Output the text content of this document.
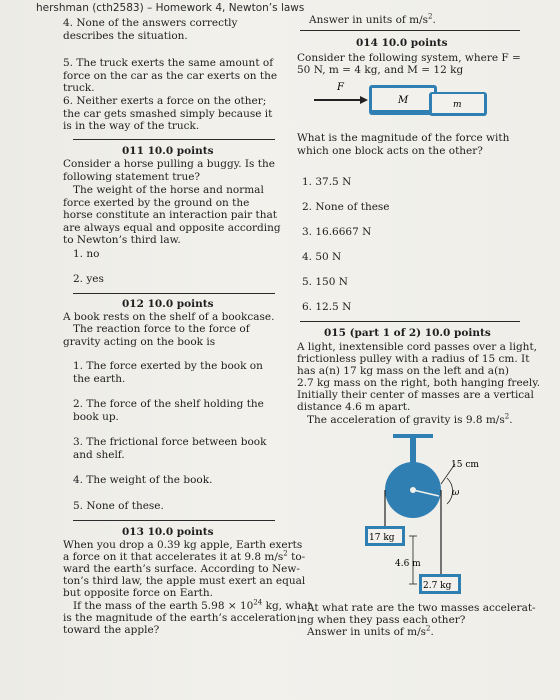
hershman (cth2583) – Homework 4, Newton’s laws
4. None of the answers correctly describes the situation.
5. The truck exerts the same amount of force on the car as the car exerts on the truck.
6. Neither exerts a force on the other; the car gets smashed simply because it is in the way of the truck.
011 10.0 points
Consider a horse pulling a buggy. Is the following statement true?
The weight of the horse and normal force exerted by the ground on the horse constitute an interaction pair that are always equal and opposite according to Newton’s third law.
1. no
2. yes
012 10.0 points
A book rests on the shelf of a bookcase.
The reaction force to the force of gravity acting on the book is
1. The force exerted by the book on the earth.
2. The force of the shelf holding the book up.
3. The frictional force between book and shelf.
4. The weight of the book.
5. None of these.
013 10.0 points
When you drop a 0.39 kg apple, Earth exerts
a force on it that accelerates it at 9.8 $m/s^2$ to-
ward the earth’s surface. According to New-
ton’s third law, the apple must exert an equal
but opposite force on Earth.
If the mass of the earth $5.98 \times 10^{24}$ kg, what
is the magnitude of the earth’s acceleration
toward the apple?
Answer in units of $m/s^2$.
014 10.0 points
Consider the following system, where F =
50 N, m = 4 kg, and M = 12 kg
F
M	m
What is the magnitude of the force with which one block acts on the other?
1. 37.5 N
2. None of these
3. 16.6667 N
4. 50 N
5. 150 N
6. 12.5 N
015 (part 1 of 2) 10.0 points
A light, inextensible cord passes over a light,
frictionless pulley with a radius of 15 cm. It
has a(n) 17 kg mass on the left and a(n)
2.7 kg mass on the right, both hanging freely.
Initially their center of masses are a vertical
distance 4.6 m apart.
The acceleration of gravity is 9.8 $m/s^2$.
15 cm
ω
17 kg
4.6 m
2.7 kg
At what rate are the two masses accelerat-
ing when they pass each other?
Answer in units of $m/s^2$.
